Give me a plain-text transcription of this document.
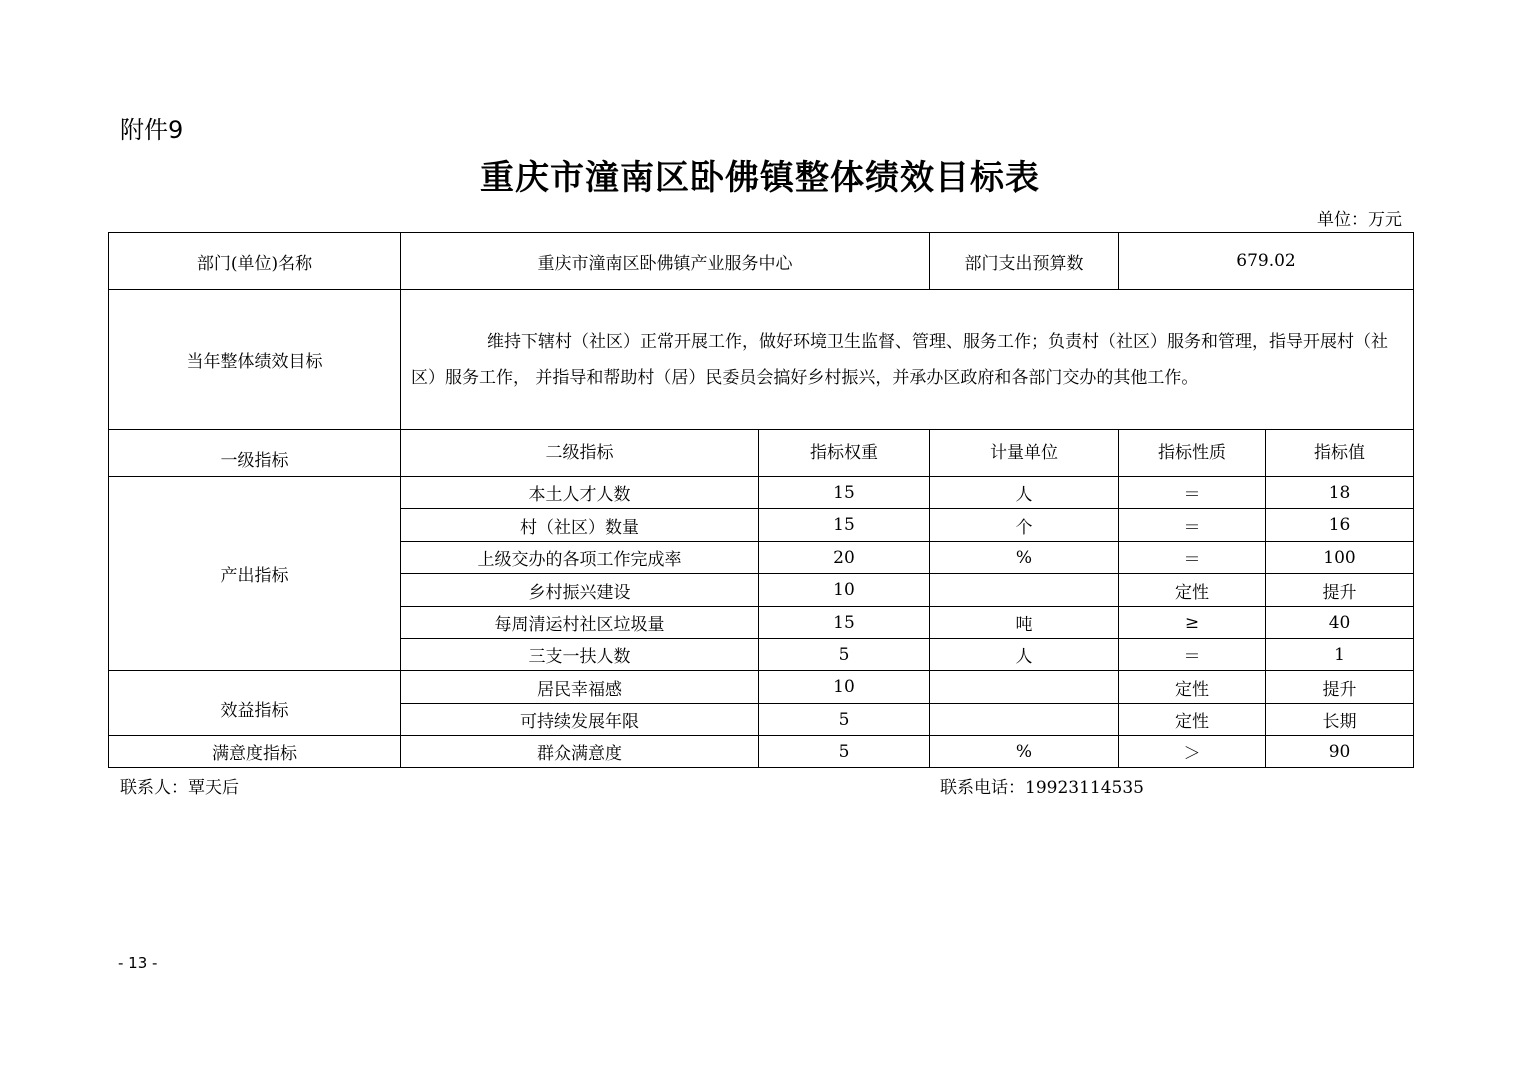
附件9
重庆市潼南区卧佛镇整体绩效目标表
单位：万元
部门(单位)名称	重庆市潼南区卧佛镇产业服务中心		部门支出预算数	679.02	
当年整体绩效目标	维持下辖村（社区）正常开展工作，做好环境卫生监督、管理、服务工作；负责村（社区）服务和管理，指导开展村（社区）服务工作， 并指导和帮助村（居）民委员会搞好乡村振兴，并承办区政府和各部门交办的其他工作。				
一级指标	二级指标	指标权重	计量单位	指标性质	指标值
产出指标	本土人才人数	15	人	＝	18
	村（社区）数量	15	个	＝	16
	上级交办的各项工作完成率	20	%	＝	100
	乡村振兴建设	10		定性	提升
	每周清运村社区垃圾量	15	吨	≥	40
	三支一扶人数	5	人	＝	1
效益指标	居民幸福感	10		定性	提升
	可持续发展年限	5		定性	长期
满意度指标	群众满意度	5	%	＞	90
联系人：覃天后	联系电话：19923114535
- 13 -
